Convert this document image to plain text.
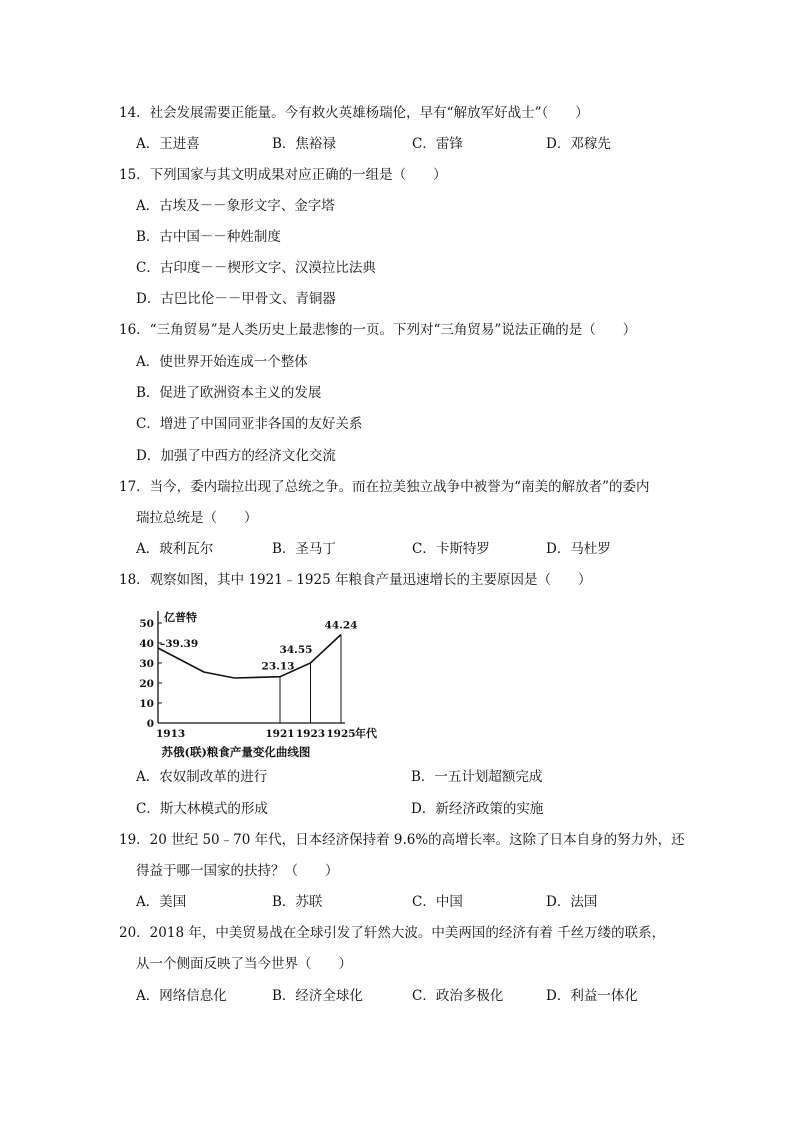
14．社会发展需要正能量。今有救火英雄杨瑞伦，早有“解放军好战士”（　　）
A．王进喜	B．焦裕禄	C．雷锋	D．邓稼先
15．下列国家与其文明成果对应正确的一组是（　　）
A．古埃及－－象形文字、金字塔
B．古中国－－种姓制度
C．古印度－－楔形文字、汉漠拉比法典
D．古巴比伦－－甲骨文、青铜器
16．“三角贸易”是人类历史上最悲惨的一页。下列对“三角贸易”说法正确的是（　　）
A．使世界开始连成一个整体
B．促进了欧洲资本主义的发展
C．增进了中国同亚非各国的友好关系
D．加强了中西方的经济文化交流
17．当今，委内瑞拉出现了总统之争。而在拉美独立战争中被誉为“南美的解放者”的委内
瑞拉总统是（　　）
A．玻利瓦尔	B．圣马丁	C．卡斯特罗	D．马杜罗
18．观察如图，其中 1921﹣1925 年粮食产量迅速增长的主要原因是（　　）
0
10
20
30
40
50 亿普特
1913	1921 1923 1925 年代
–39.39
23.13
34.55
44.24
苏俄(联)粮食产量变化曲线图
A．农奴制改革的进行	B．一五计划超额完成
C．斯大林模式的形成	D．新经济政策的实施
19．20 世纪 50﹣70 年代，日本经济保持着 9.6%的高增长率。这除了日本自身的努力外，还
得益于哪一国家的扶持？（　　）
A．美国	B．苏联	C．中国	D．法国
20．2018 年，中美贸易战在全球引发了轩然大波。中美两国的经济有着 千丝万缕的联系，
从一个侧面反映了当今世界（　　）
A．网络信息化	B．经济全球化	C．政治多极化	D．利益一体化
